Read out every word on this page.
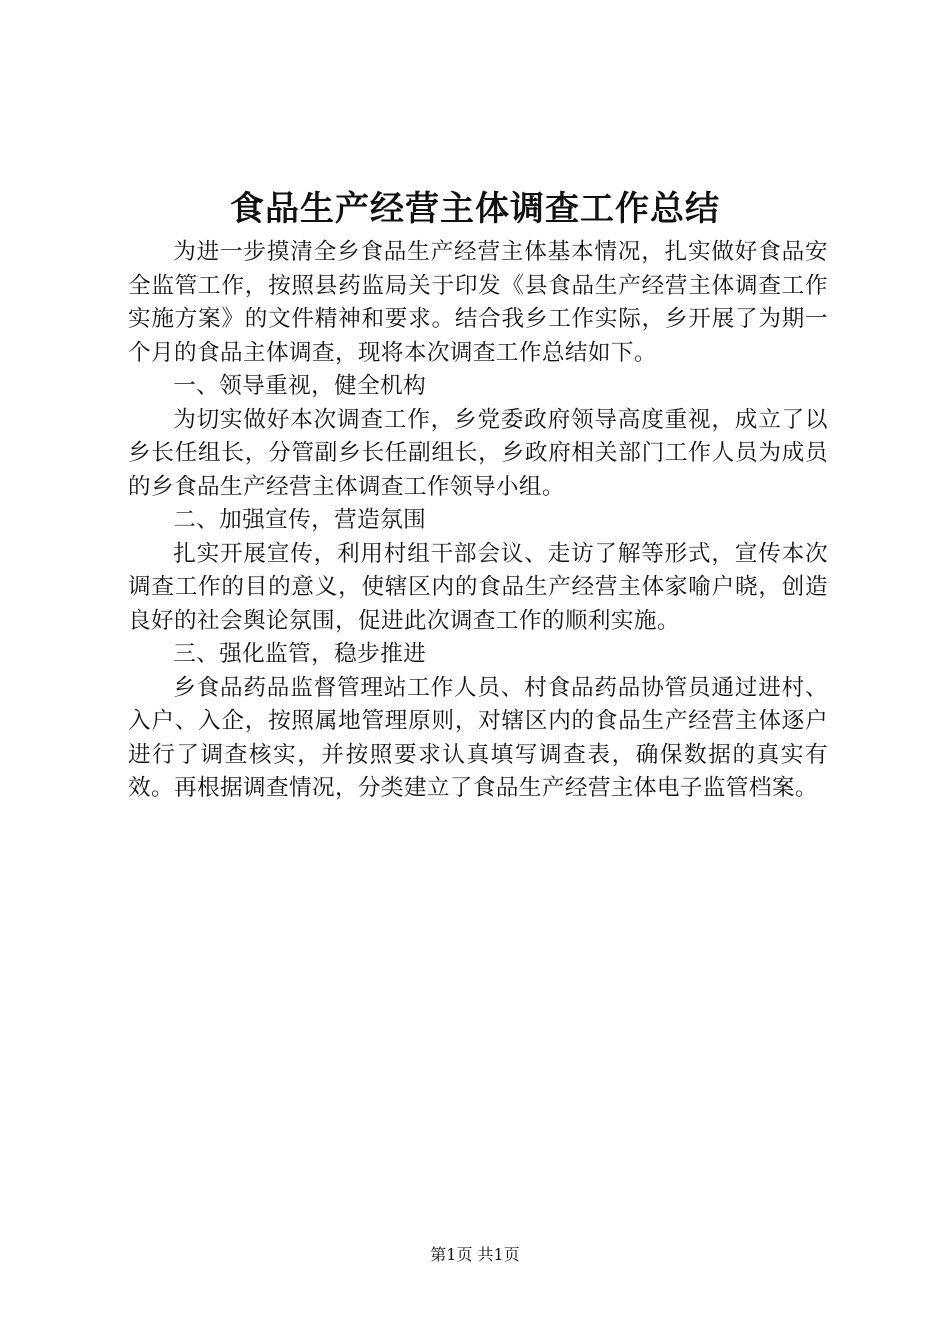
食品生产经营主体调查工作总结

为进一步摸清全乡食品生产经营主体基本情况，扎实做好食品安全监管工作，按照县药监局关于印发《县食品生产经营主体调查工作实施方案》的文件精神和要求。结合我乡工作实际，乡开展了为期一个月的食品主体调查，现将本次调查工作总结如下。

一、领导重视，健全机构

为切实做好本次调查工作，乡党委政府领导高度重视，成立了以乡长任组长，分管副乡长任副组长，乡政府相关部门工作人员为成员的乡食品生产经营主体调查工作领导小组。

二、加强宣传，营造氛围

扎实开展宣传，利用村组干部会议、走访了解等形式，宣传本次调查工作的目的意义，使辖区内的食品生产经营主体家喻户晓，创造良好的社会舆论氛围，促进此次调查工作的顺利实施。

三、强化监管，稳步推进

乡食品药品监督管理站工作人员、村食品药品协管员通过进村、入户、入企，按照属地管理原则，对辖区内的食品生产经营主体逐户进行了调查核实，并按照要求认真填写调查表，确保数据的真实有效。再根据调查情况，分类建立了食品生产经营主体电子监管档案。

第1页 共1页
